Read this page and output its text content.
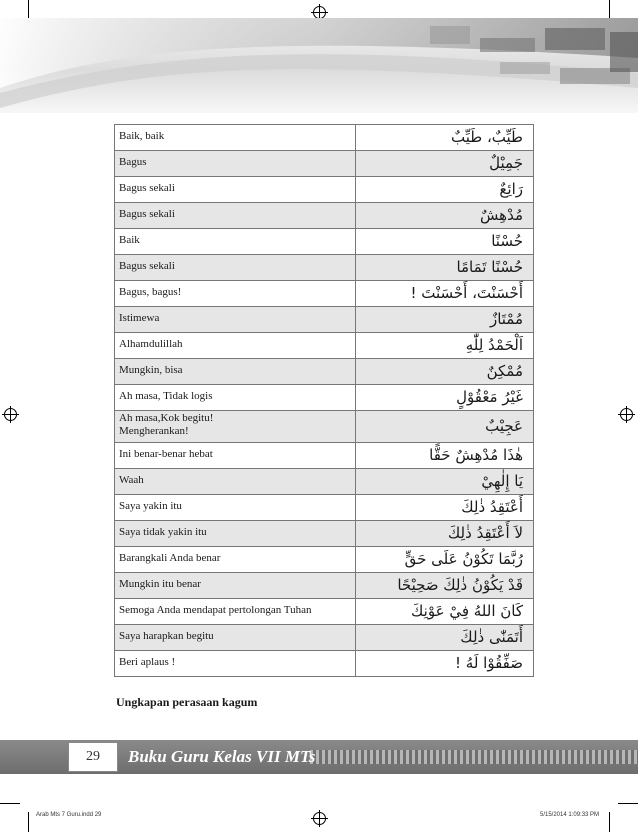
Baik, baik	طَيِّبٌ، طَيِّبٌ
Bagus	جَمِيْلٌ
Bagus sekali	رَائِعٌ
Bagus sekali	مُدْهِشٌ
Baik	حُسْنًا
Bagus sekali	حُسْنًا تَمَامًا
Bagus, bagus!	أَحْسَنْتَ، أَحْسَنْتَ !
Istimewa	مُمْتَازٌ
Alhamdulillah	اَلْحَمْدُ لِلّٰهِ
Mungkin, bisa	مُمْكِنٌ
Ah masa, Tidak logis	غَيْرُ مَعْقُوْلٍ
Ah masa,Kok begitu!
Mengherankan!	عَجِيْبٌ
Ini benar-benar hebat	هٰذَا مُدْهِشٌ حَقًّا
Waah	يَا إِلٰهِيْ
Saya yakin itu	أَعْتَقِدُ ذٰلِكَ
Saya tidak yakin itu	لاَ أَعْتَقِدُ ذٰلِكَ
Barangkali Anda benar	رُبَّمَا تَكُوْنُ عَلَى حَقٍّ
Mungkin itu benar	قَدْ يَكُوْنُ ذٰلِكَ صَحِيْحًا
Semoga Anda mendapat pertolongan Tuhan	كَانَ اللهُ فِيْ عَوْنِكَ
Saya harapkan begitu	أَتَمَنّٰى ذٰلِكَ
Beri aplaus !	صَفِّقُوْا لَهُ !
Ungkapan perasaan kagum
29	Buku Guru Kelas VII MTs
Arab Mts 7 Guru.indd 29	5/15/2014 1:09:33 PM
